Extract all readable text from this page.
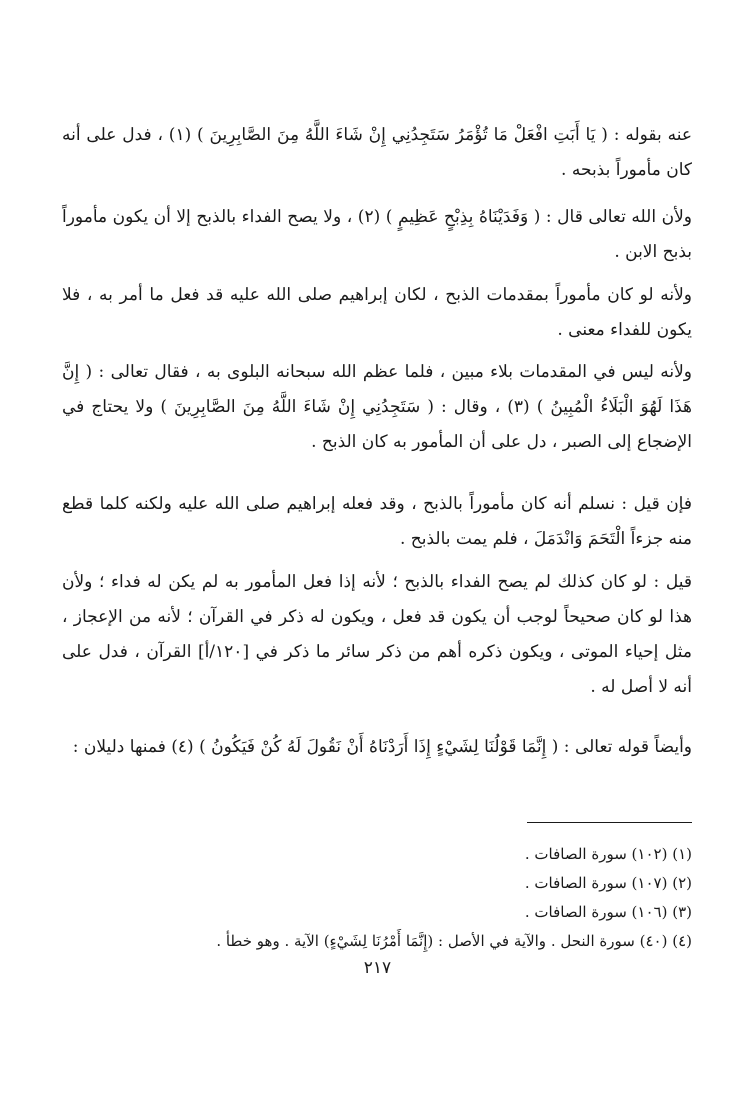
عنه بقوله : ( يَا أَبَتِ افْعَلْ مَا تُؤْمَرُ سَتَجِدُنِي إِنْ شَاءَ اللَّهُ مِنَ الصَّابِرِينَ ) (١) ، فدل على أنه كان مأموراً بذبحه .

ولأن الله تعالى قال : ( وَفَدَيْنَاهُ بِذِبْحٍ عَظِيمٍ ) (٢) ، ولا يصح الفداء بالذبح إلا أن يكون مأموراً بذبح الابن .

ولأنه لو كان مأموراً بمقدمات الذبح ، لكان إبراهيم صلى الله عليه قد فعل ما أمر به ، فلا يكون للفداء معنى .

ولأنه ليس في المقدمات بلاء مبين ، فلما عظم الله سبحانه البلوى به ، فقال تعالى : ( إِنَّ هَذَا لَهُوَ الْبَلَاءُ الْمُبِينُ ) (٣) ، وقال : ( سَتَجِدُنِي إِنْ شَاءَ اللَّهُ مِنَ الصَّابِرِينَ ) ولا يحتاج في الإضجاع إلى الصبر ، دل على أن المأمور به كان الذبح .

فإن قيل : نسلم أنه كان مأموراً بالذبح ، وقد فعله إبراهيم صلى الله عليه ولكنه كلما قطع منه جزءاً الْتَحَمَ وَانْدَمَلَ ، فلم يمت بالذبح .

قيل : لو كان كذلك لم يصح الفداء بالذبح ؛ لأنه إذا فعل المأمور به لم يكن له فداء ؛ ولأن هذا لو كان صحيحاً لوجب أن يكون قد فعل ، ويكون له ذكر في القرآن ؛ لأنه من الإعجاز ، مثل إحياء الموتى ، ويكون ذكره أهم من ذكر سائر ما ذكر في [١٢٠/أ] القرآن ، فدل على أنه لا أصل له .

وأيضاً قوله تعالى : ( إِنَّمَا قَوْلُنَا لِشَيْءٍ إِذَا أَرَدْنَاهُ أَنْ نَقُولَ لَهُ كُنْ فَيَكُونُ ) (٤) فمنها دليلان :

(١) (١٠٢) سورة الصافات .
(٢) (١٠٧) سورة الصافات .
(٣) (١٠٦) سورة الصافات .
(٤) (٤٠) سورة النحل . والآية في الأصل : (إِنَّمَا أَمْرُنَا لِشَيْءٍ) الآية . وهو خطأ .
٢١٧
